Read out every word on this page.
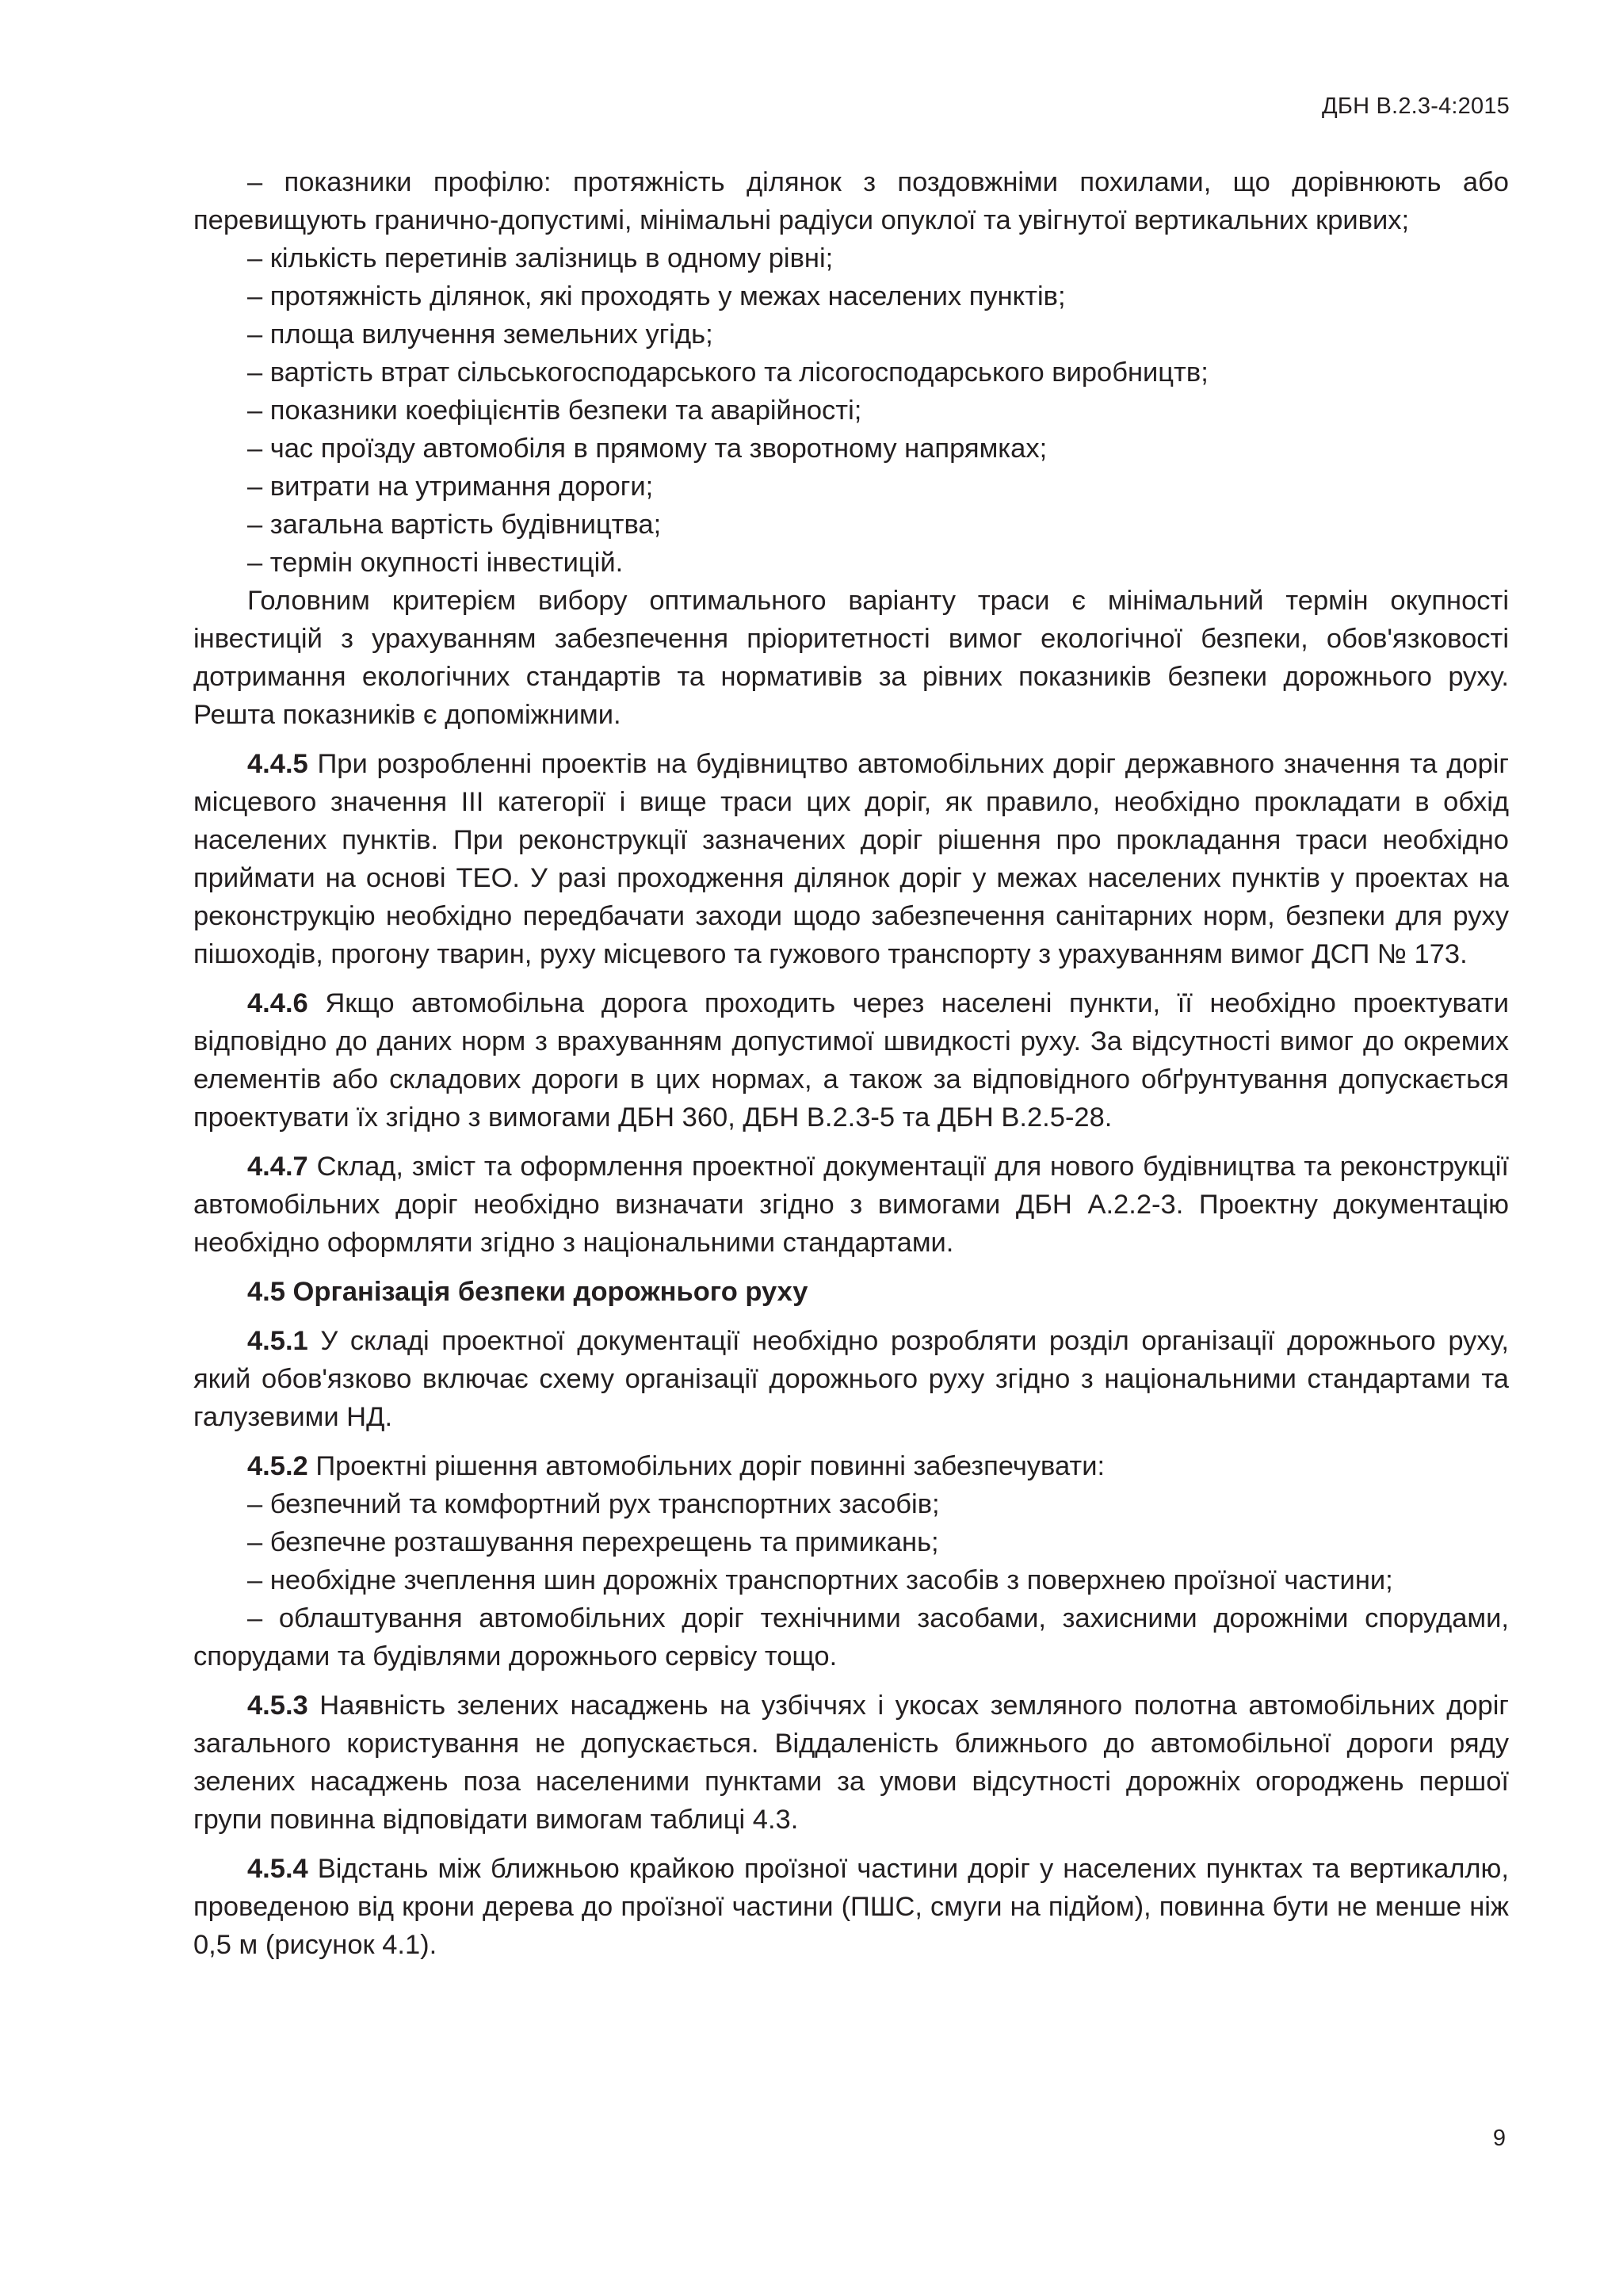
ДБН В.2.3-4:2015

– показники профілю: протяжність ділянок з поздовжніми похилами, що дорівнюють або перевищують гранично-допустимі, мінімальні радіуси опуклої та увігнутої вертикальних кривих;

– кількість перетинів залізниць в одному рівні;

– протяжність ділянок, які проходять у межах населених пунктів;

– площа вилучення земельних угідь;

– вартість втрат сільськогосподарського та лісогосподарського виробництв;

– показники коефіцієнтів безпеки та аварійності;

– час проїзду автомобіля в прямому та зворотному напрямках;

– витрати на утримання дороги;

– загальна вартість будівництва;

– термін окупності інвестицій.

Головним критерієм вибору оптимального варіанту траси є мінімальний термін окупності інвестицій з урахуванням забезпечення пріоритетності вимог екологічної безпеки, обов'язковості дотримання екологічних стандартів та нормативів за рівних показників безпеки дорожнього руху. Решта показників є допоміжними.

4.4.5 При розробленні проектів на будівництво автомобільних доріг державного значення та доріг місцевого значення ІІІ категорії і вище траси цих доріг, як правило, необхідно прокладати в обхід населених пунктів. При реконструкції зазначених доріг рішення про прокладання траси необхідно приймати на основі ТЕО. У разі проходження ділянок доріг у межах населених пунктів у проектах на реконструкцію необхідно передбачати заходи щодо забезпечення санітарних норм, безпеки для руху пішоходів, прогону тварин, руху місцевого та гужового транспорту з урахуванням вимог ДСП № 173.

4.4.6 Якщо автомобільна дорога проходить через населені пункти, її необхідно проектувати відповідно до даних норм з врахуванням допустимої швидкості руху. За відсутності вимог до окремих елементів або складових дороги в цих нормах, а також за відповідного обґрунтування допускається проектувати їх згідно з вимогами ДБН 360, ДБН В.2.3-5 та ДБН В.2.5-28.

4.4.7 Склад, зміст та оформлення проектної документації для нового будівництва та реконструкції автомобільних доріг необхідно визначати згідно з вимогами ДБН А.2.2-3. Проектну документацію необхідно оформляти згідно з національними стандартами.

4.5 Організація безпеки дорожнього руху

4.5.1 У складі проектної документації необхідно розробляти розділ організації дорожнього руху, який обов'язково включає схему організації дорожнього руху згідно з національними стандартами та галузевими НД.

4.5.2 Проектні рішення автомобільних доріг повинні забезпечувати:

– безпечний та комфортний рух транспортних засобів;

– безпечне розташування перехрещень та примикань;

– необхідне зчеплення шин дорожніх транспортних засобів з поверхнею проїзної частини;

– облаштування автомобільних доріг технічними засобами, захисними дорожніми спорудами, спорудами та будівлями дорожнього сервісу тощо.

4.5.3 Наявність зелених насаджень на узбіччях і укосах земляного полотна автомобільних доріг загального користування не допускається. Віддаленість ближнього до автомобільної дороги ряду зелених насаджень поза населеними пунктами за умови відсутності дорожніх огороджень першої групи повинна відповідати вимогам таблиці 4.3.

4.5.4 Відстань між ближньою крайкою проїзної частини доріг у населених пунктах та вертикаллю, проведеною від крони дерева до проїзної частини (ПШС, смуги на підйом), повинна бути не менше ніж 0,5 м (рисунок 4.1).

9
